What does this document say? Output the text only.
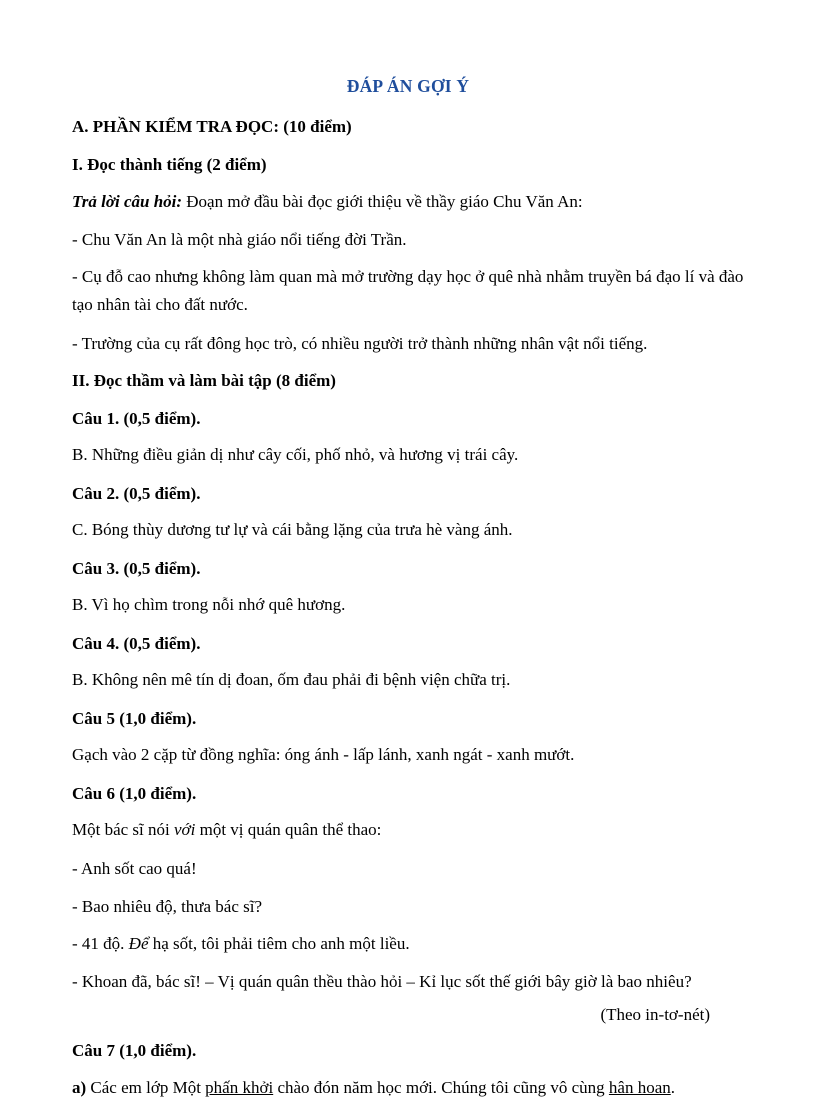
ĐÁP ÁN GỢI Ý
A. PHẦN KIỂM TRA ĐỌC: (10 điểm)
I. Đọc thành tiếng (2 điểm)
Trả lời câu hỏi: Đoạn mở đầu bài đọc giới thiệu về thầy giáo Chu Văn An:
- Chu Văn An là một nhà giáo nổi tiếng đời Trần.
- Cụ đỗ cao nhưng không làm quan mà mở trường dạy học ở quê nhà nhằm truyền bá đạo lí và đào tạo nhân tài cho đất nước.
- Trường của cụ rất đông học trò, có nhiều người trở thành những nhân vật nổi tiếng.
II. Đọc thầm và làm bài tập (8 điểm)
Câu 1. (0,5 điểm).
B. Những điều giản dị như cây cối, phố nhỏ, và hương vị trái cây.
Câu 2. (0,5 điểm).
C. Bóng thùy dương tư lự và cái bằng lặng của trưa hè vàng ánh.
Câu 3. (0,5 điểm).
B. Vì họ chìm trong nỗi nhớ quê hương.
Câu 4. (0,5 điểm).
B. Không nên mê tín dị đoan, ốm đau phải đi bệnh viện chữa trị.
Câu 5 (1,0 điểm).
Gạch vào 2 cặp từ đồng nghĩa: óng ánh - lấp lánh, xanh ngát - xanh mướt.
Câu 6 (1,0 điểm).
Một bác sĩ nói với một vị quán quân thể thao:
- Anh sốt cao quá!
- Bao nhiêu độ, thưa bác sĩ?
- 41 độ. Để hạ sốt, tôi phải tiêm cho anh một liều.
- Khoan đã, bác sĩ! – Vị quán quân thều thào hỏi – Kỉ lục sốt thế giới bây giờ là bao nhiêu?
(Theo in-tơ-nét)
Câu 7 (1,0 điểm).
a) Các em lớp Một phấn khởi chào đón năm học mới. Chúng tôi cũng vô cùng hân hoan.
